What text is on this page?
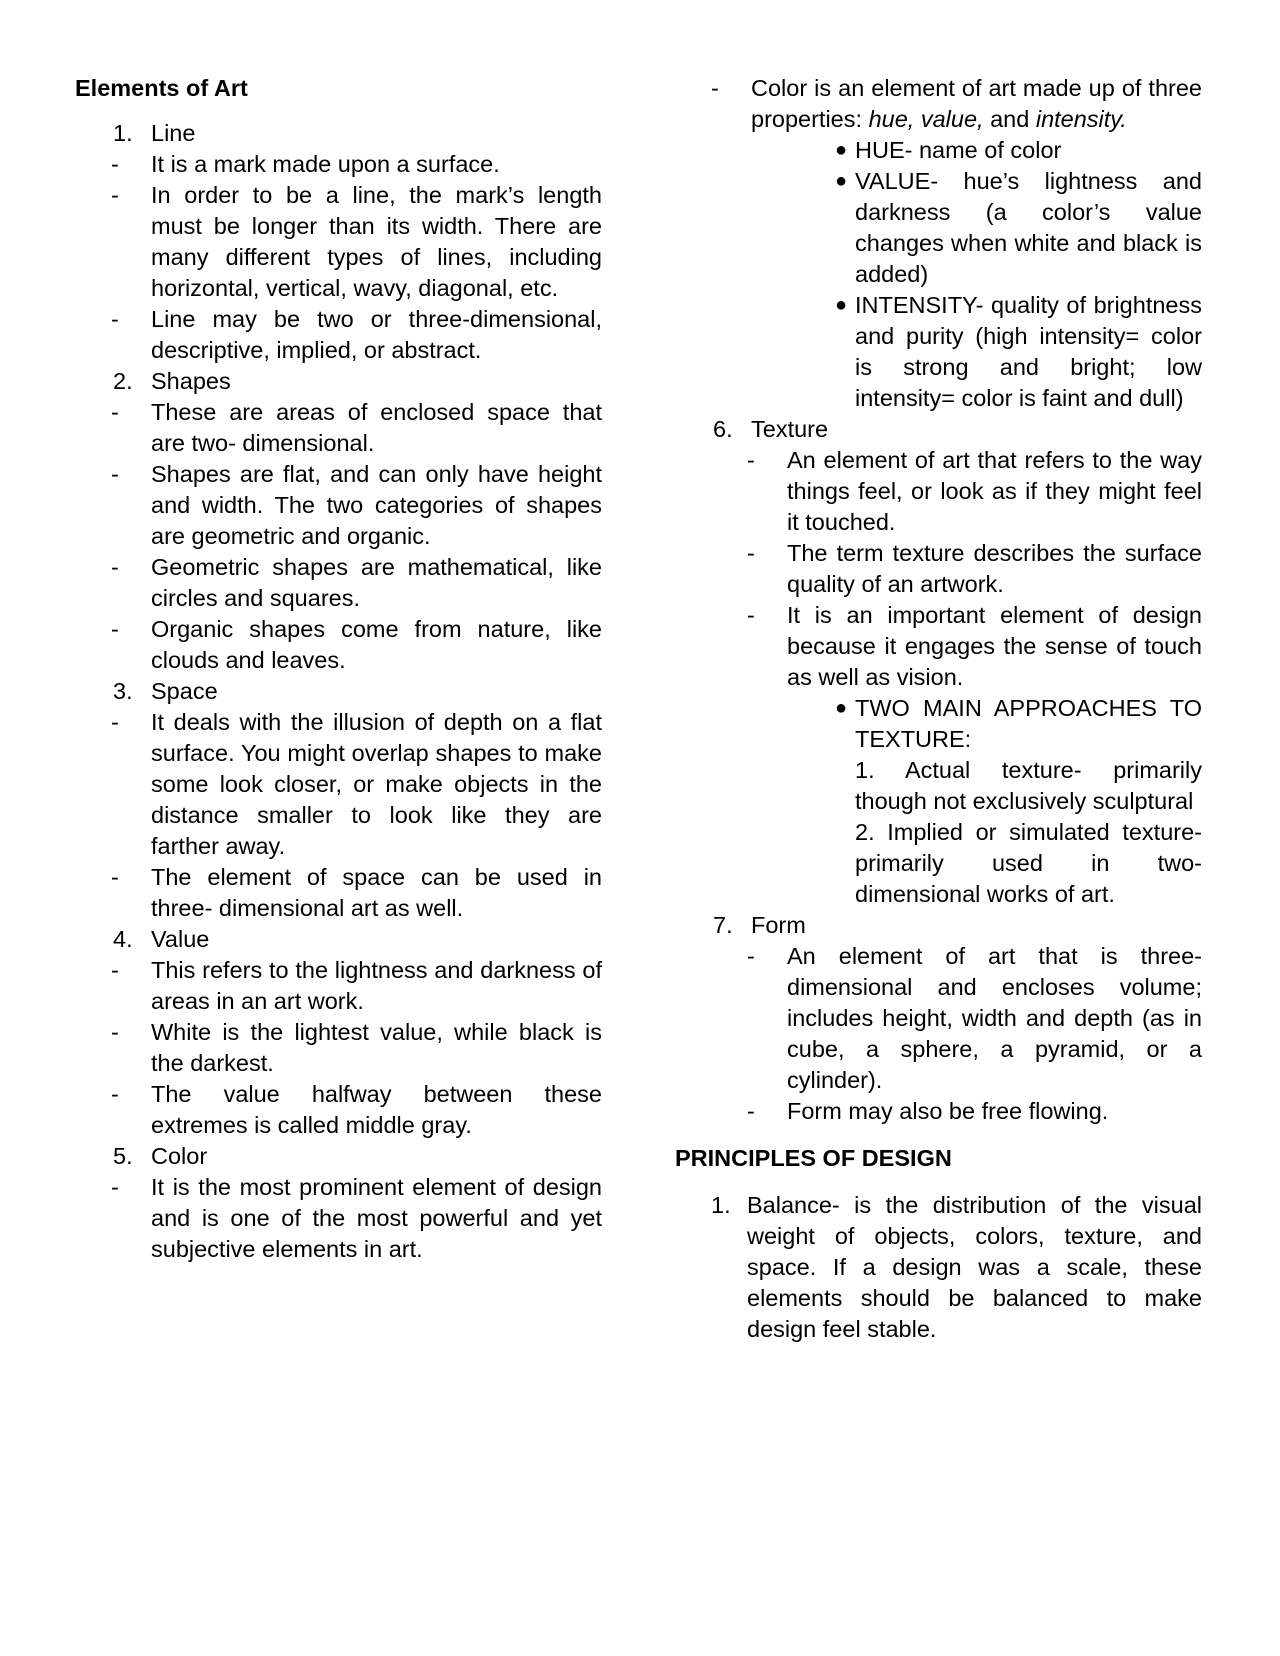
Elements of Art

1. Line
- It is a mark made upon a surface.
- In order to be a line, the mark’s length must be longer than its width. There are many different types of lines, including horizontal, vertical, wavy, diagonal, etc.
- Line may be two or three-dimensional, descriptive, implied, or abstract.
2. Shapes
- These are areas of enclosed space that are two- dimensional.
- Shapes are flat, and can only have height and width. The two categories of shapes are geometric and organic.
- Geometric shapes are mathematical, like circles and squares.
- Organic shapes come from nature, like clouds and leaves.
3. Space
- It deals with the illusion of depth on a flat surface. You might overlap shapes to make some look closer, or make objects in the distance smaller to look like they are farther away.
- The element of space can be used in three- dimensional art as well.
4. Value
- This refers to the lightness and darkness of areas in an art work.
- White is the lightest value, while black is the darkest.
- The value halfway between these extremes is called middle gray.
5. Color
- It is the most prominent element of design and is one of the most powerful and yet subjective elements in art.
- Color is an element of art made up of three properties: hue, value, and intensity.
● HUE- name of color
● VALUE- hue’s lightness and darkness (a color’s value changes when white and black is added)
● INTENSITY- quality of brightness and purity (high intensity= color is strong and bright; low intensity= color is faint and dull)
6. Texture
- An element of art that refers to the way things feel, or look as if they might feel it touched.
- The term texture describes the surface quality of an artwork.
- It is an important element of design because it engages the sense of touch as well as vision.
● TWO MAIN APPROACHES TO TEXTURE:
1. Actual texture- primarily though not exclusively sculptural
2. Implied or simulated texture- primarily used in two- dimensional works of art.
7. Form
- An element of art that is three-dimensional and encloses volume; includes height, width and depth (as in cube, a sphere, a pyramid, or a cylinder).
- Form may also be free flowing.

PRINCIPLES OF DESIGN

1. Balance- is the distribution of the visual weight of objects, colors, texture, and space. If a design was a scale, these elements should be balanced to make design feel stable.
